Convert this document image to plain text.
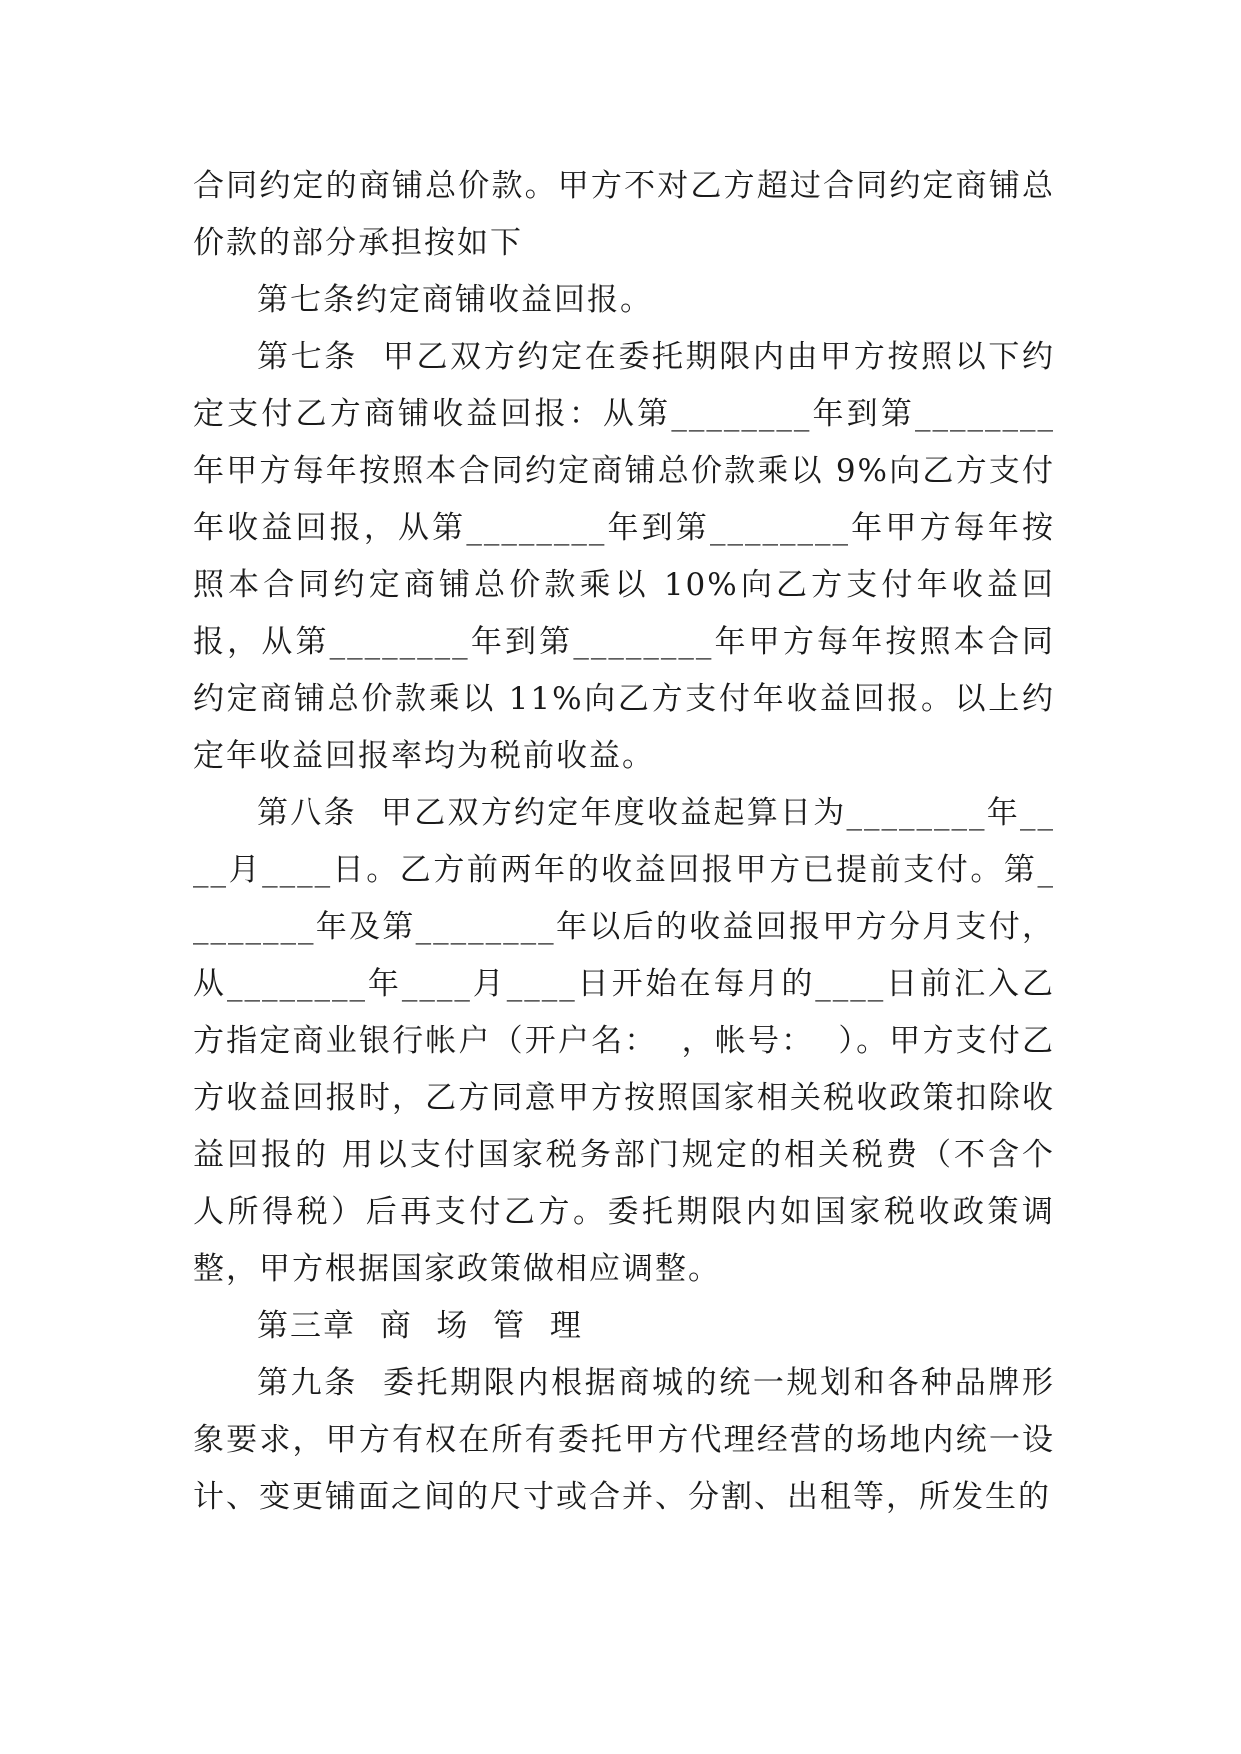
合同约定的商铺总价款。甲方不对乙方超过合同约定商铺总价款的部分承担按如下

第七条约定商铺收益回报。

第七条  甲乙双方约定在委托期限内由甲方按照以下约定支付乙方商铺收益回报：从第________年到第________年甲方每年按照本合同约定商铺总价款乘以 9%向乙方支付年收益回报，从第________年到第________年甲方每年按照本合同约定商铺总价款乘以 10%向乙方支付年收益回报，从第________年到第________年甲方每年按照本合同约定商铺总价款乘以 11%向乙方支付年收益回报。以上约定年收益回报率均为税前收益。

第八条  甲乙双方约定年度收益起算日为________年____月____日。乙方前两年的收益回报甲方已提前支付。第________年及第________年以后的收益回报甲方分月支付，从________年____月____日开始在每月的____日前汇入乙方指定商业银行帐户（开户名：  ，帐号：  ）。甲方支付乙方收益回报时，乙方同意甲方按照国家相关税收政策扣除收益回报的 用以支付国家税务部门规定的相关税费（不含个人所得税）后再支付乙方。委托期限内如国家税收政策调整，甲方根据国家政策做相应调整。

第三章  商  场  管  理

第九条  委托期限内根据商城的统一规划和各种品牌形象要求，甲方有权在所有委托甲方代理经营的场地内统一设计、变更铺面之间的尺寸或合并、分割、出租等，所发生的
